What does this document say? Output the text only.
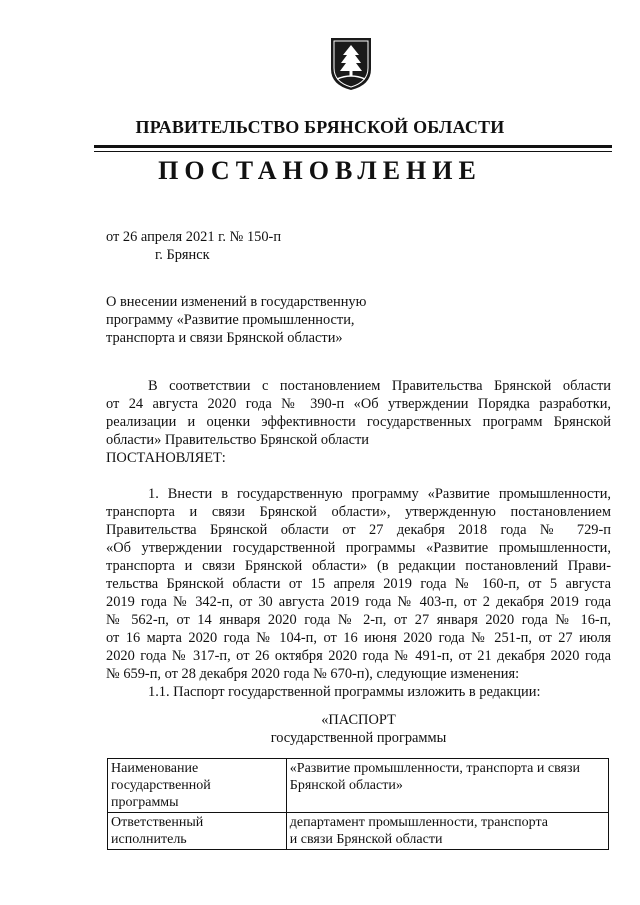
ПРАВИТЕЛЬСТВО БРЯНСКОЙ ОБЛАСТИ
ПОСТАНОВЛЕНИЕ
от 26 апреля 2021 г. № 150-п
г. Брянск
О внесении изменений в государственную
программу «Развитие промышленности,
транспорта и связи Брянской области»
В соответствии с постановлением Правительства Брянской области
от 24 августа 2020 года № 390-п «Об утверждении Порядка разработки,
реализации и оценки эффективности государственных программ Брянской
области» Правительство Брянской области
ПОСТАНОВЛЯЕТ:
1. Внести в государственную программу «Развитие промышленности,
транспорта и связи Брянской области», утвержденную постановлением
Правительства Брянской области от 27 декабря 2018 года № 729-п
«Об утверждении государственной программы «Развитие промышленности,
транспорта и связи Брянской области» (в редакции постановлений Прави-
тельства Брянской области от 15 апреля 2019 года № 160-п, от 5 августа
2019 года № 342-п, от 30 августа 2019 года № 403-п, от 2 декабря 2019 года
№ 562-п, от 14 января 2020 года № 2-п, от 27 января 2020 года № 16-п,
от 16 марта 2020 года № 104-п, от 16 июня 2020 года № 251-п, от 27 июля
2020 года № 317-п, от 26 октября 2020 года № 491-п, от 21 декабря 2020 года
№ 659-п, от 28 декабря 2020 года № 670-п), следующие изменения:
1.1. Паспорт государственной программы изложить в редакции:
«ПАСПОРТ
государственной программы
Наименование
государственной
программы	«Развитие промышленности, транспорта и связи
Брянской области»

Ответственный
исполнитель	департамент промышленности, транспорта
и связи Брянской области
